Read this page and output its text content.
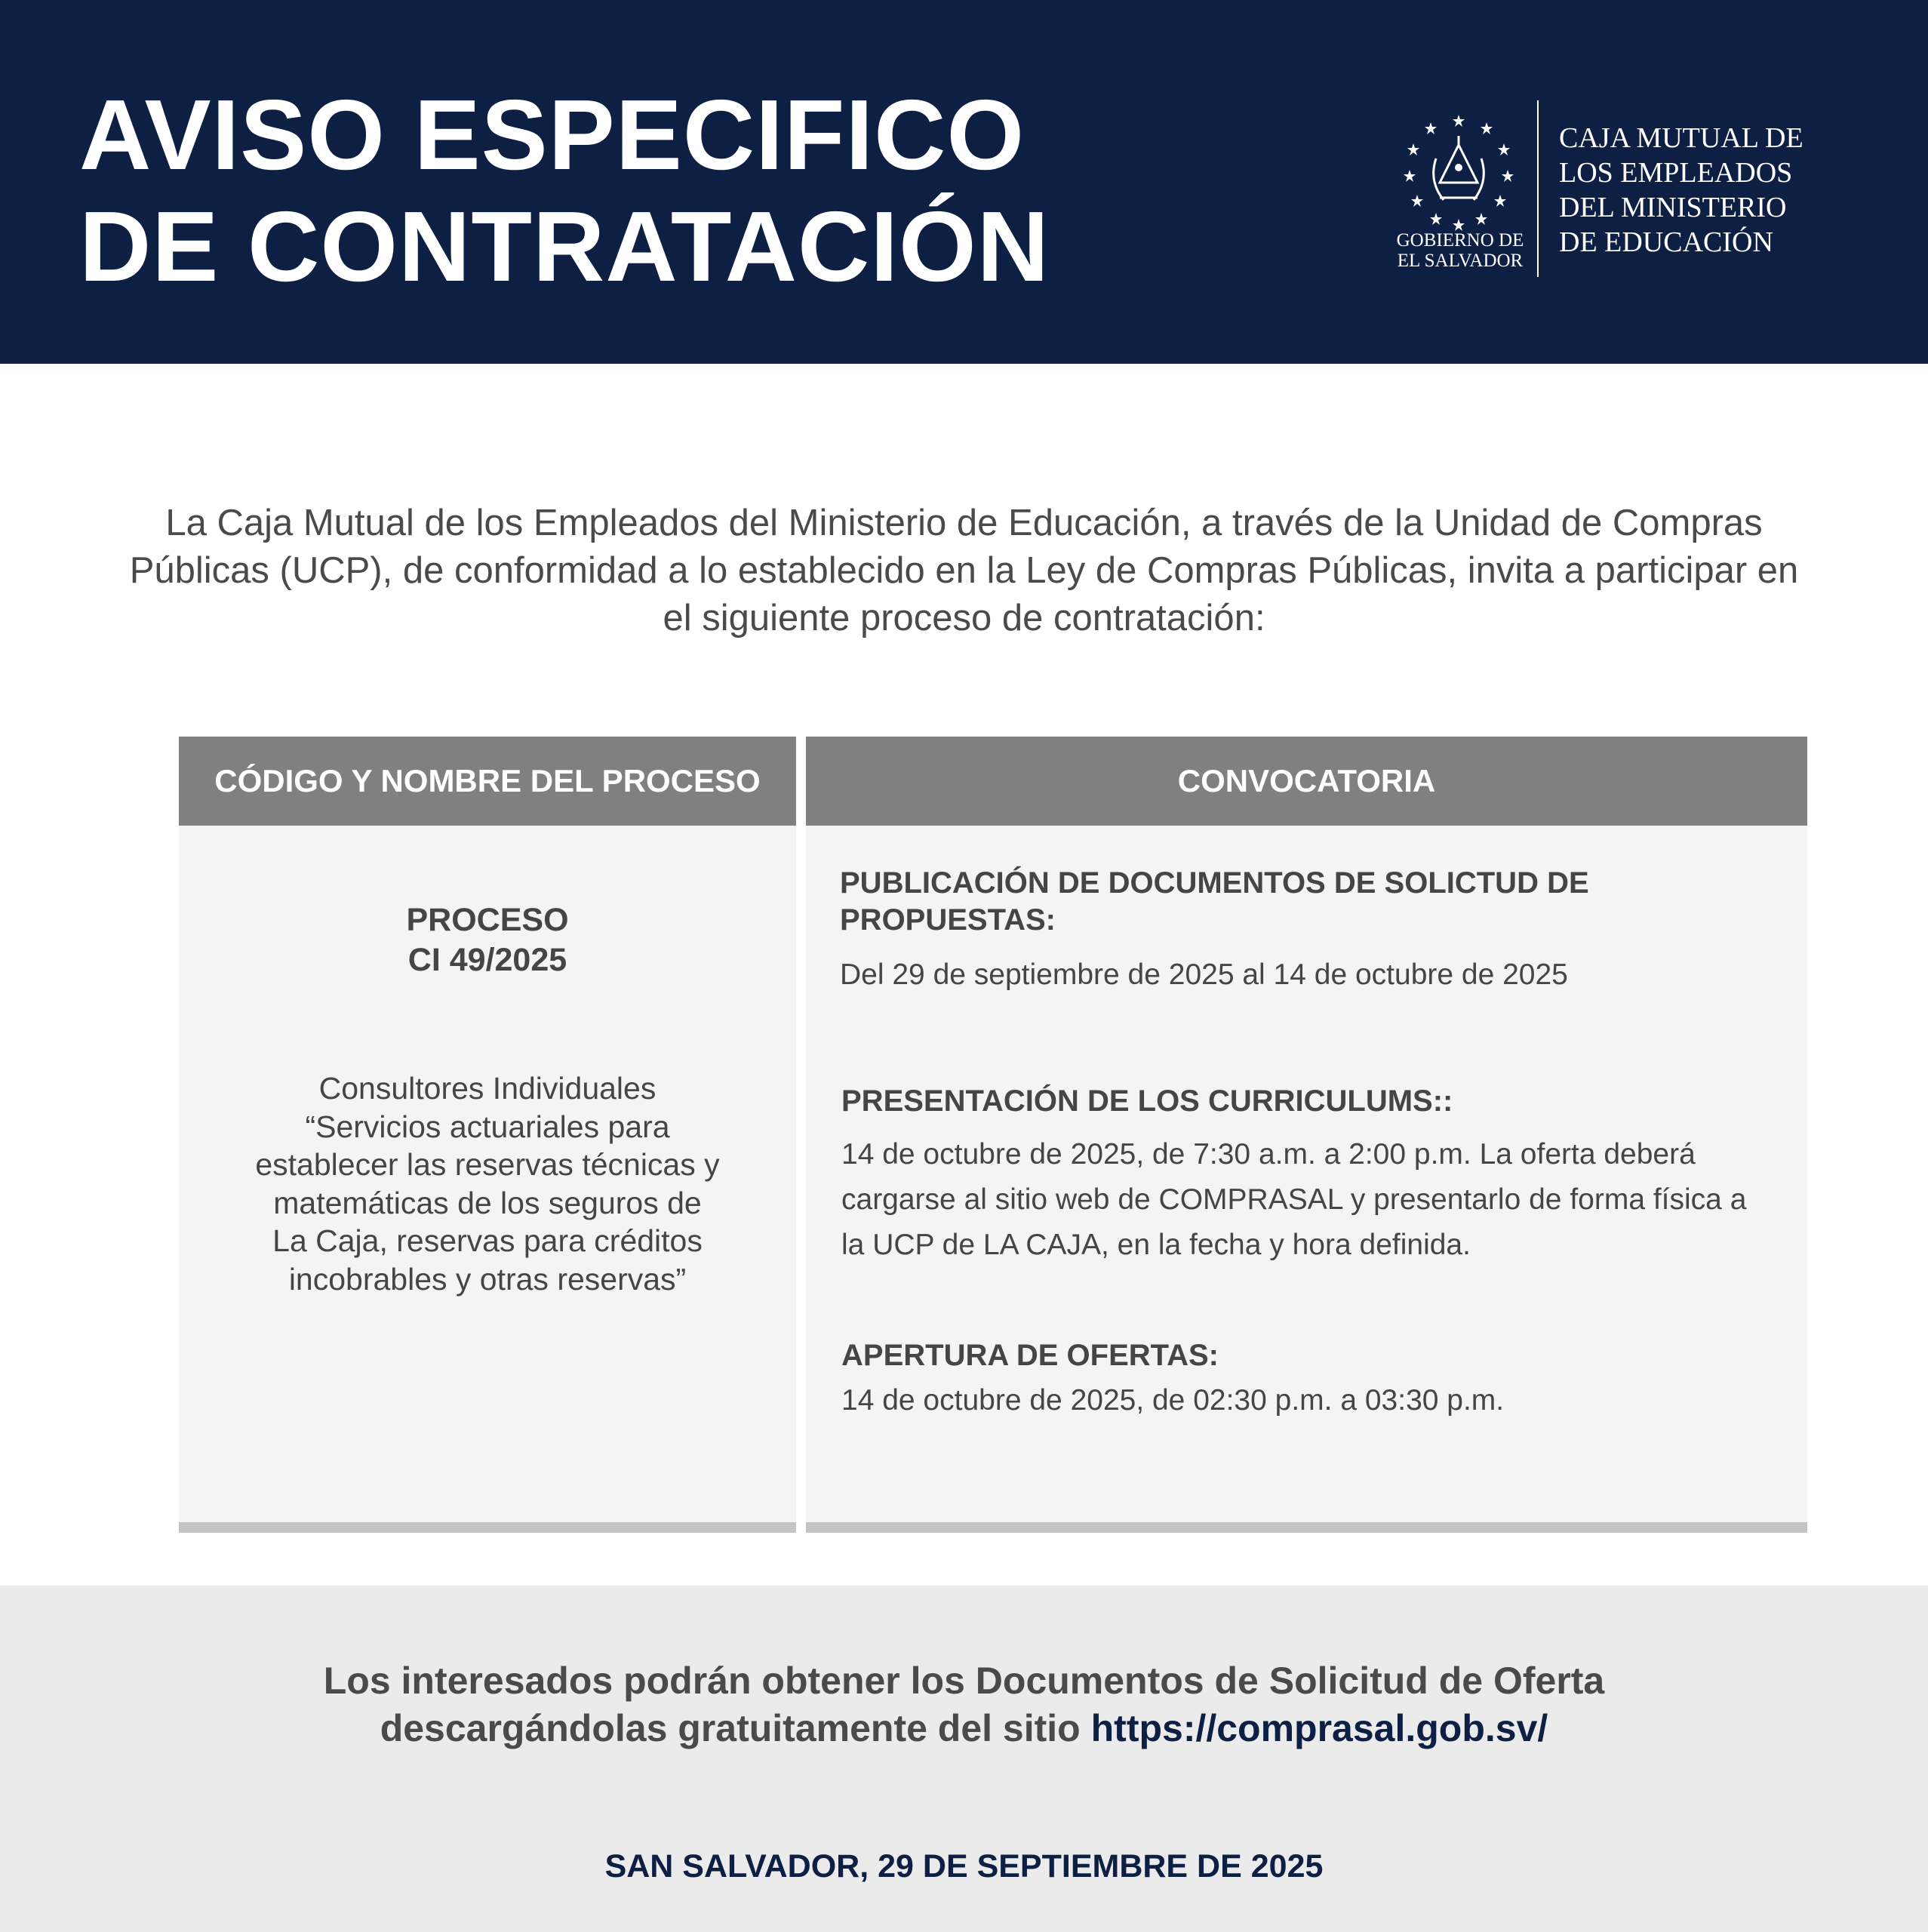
AVISO ESPECIFICO
DE CONTRATACIÓN	GOBIERNO DE
EL SALVADOR
CAJA MUTUAL DE
LOS EMPLEADOS
DEL MINISTERIO
DE EDUCACIÓN

La Caja Mutual de los Empleados del Ministerio de Educación, a través de la Unidad de Compras Públicas (UCP), de conformidad a lo establecido en la Ley de Compras Públicas, invita a participar en el siguiente proceso de contratación:

CÓDIGO Y NOMBRE DEL PROCESO	CONVOCATORIA
PROCESO
CI 49/2025
Consultores Individuales “Servicios actuariales para establecer las reservas técnicas y matemáticas de los seguros de La Caja, reservas para créditos incobrables y otras reservas”
PUBLICACIÓN DE DOCUMENTOS DE SOLICTUD DE PROPUESTAS:
Del 29 de septiembre de 2025 al 14 de octubre de 2025
PRESENTACIÓN DE LOS CURRICULUMS::
14 de octubre de 2025, de 7:30 a.m. a 2:00 p.m. La oferta deberá cargarse al sitio web de COMPRASAL y presentarlo de forma física a la UCP de LA CAJA, en la fecha y hora definida.
APERTURA DE OFERTAS:
14 de octubre de 2025, de 02:30 p.m. a 03:30 p.m.
Los interesados podrán obtener los Documentos de Solicitud de Oferta
descargándolas gratuitamente del sitio https://comprasal.gob.sv/
SAN SALVADOR, 29 DE SEPTIEMBRE DE 2025
